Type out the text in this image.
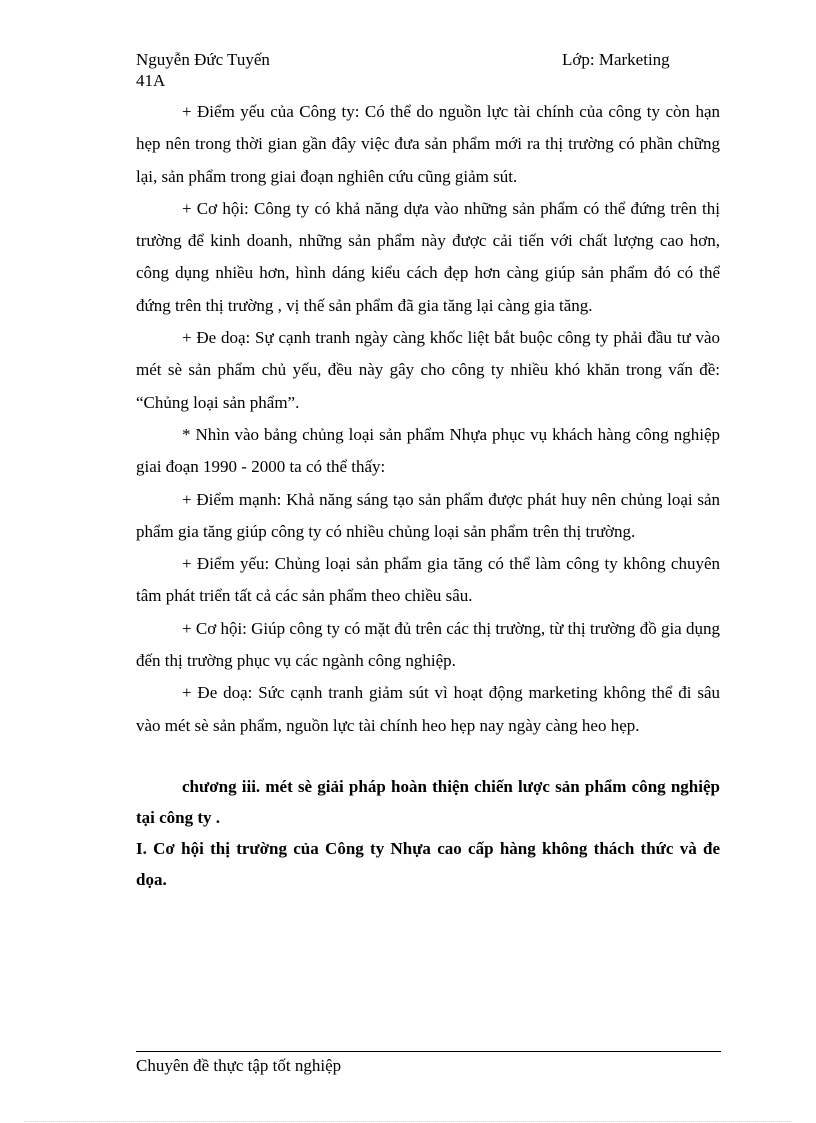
Nguyễn Đức Tuyến	Lớp: Marketing
41A

+ Điểm yếu của Công ty: Có thể do nguồn lực tài chính của công ty còn hạn hẹp nên trong thời gian gần đây việc đưa sản phẩm mới ra thị trường có phần chững lại, sản phẩm trong giai đoạn nghiên cứu cũng giảm sút.

+ Cơ hội: Công ty có khả năng dựa vào những sản phẩm có thể đứng trên thị trường để kinh doanh, những sản phẩm này được cải tiến với chất lượng cao hơn, công dụng nhiều hơn, hình dáng kiểu cách đẹp hơn càng giúp sản phẩm đó có thể đứng trên thị trường , vị thế sản phẩm đã gia tăng lại càng gia tăng.

+ Đe doạ: Sự cạnh tranh ngày càng khốc liệt bắt buộc công ty phải đầu tư vào mét sè sản phẩm chủ yếu, đều này gây cho công ty nhiều khó khăn trong vấn đề: “Chủng loại sản phẩm”.

* Nhìn vào bảng chủng loại sản phẩm Nhựa phục vụ khách hàng công nghiệp giai đoạn 1990 - 2000 ta có thể thấy:

+ Điểm mạnh: Khả năng sáng tạo sản phẩm được phát huy nên chủng loại sản phẩm gia tăng giúp công ty có nhiều chủng loại sản phẩm trên thị trường.

+ Điểm yếu: Chủng loại sản phẩm gia tăng có thể làm công ty không chuyên tâm phát triển tất cả các sản phẩm theo chiều sâu.

+ Cơ hội: Giúp công ty có mặt đủ trên các thị trường, từ thị trường đồ gia dụng đến thị trường phục vụ các ngành công nghiệp.

+ Đe doạ: Sức cạnh tranh giảm sút vì hoạt động marketing không thể đi sâu vào mét sè sản phẩm, nguồn lực tài chính heo hẹp nay ngày càng heo hẹp.

chương iii. mét sè giải pháp hoàn thiện chiến lược sản phẩm công nghiệp tại công ty .

I. Cơ hội thị trường của Công ty Nhựa cao cấp hàng không thách thức và đe dọa.

Chuyên đề thực tập tốt nghiệp
